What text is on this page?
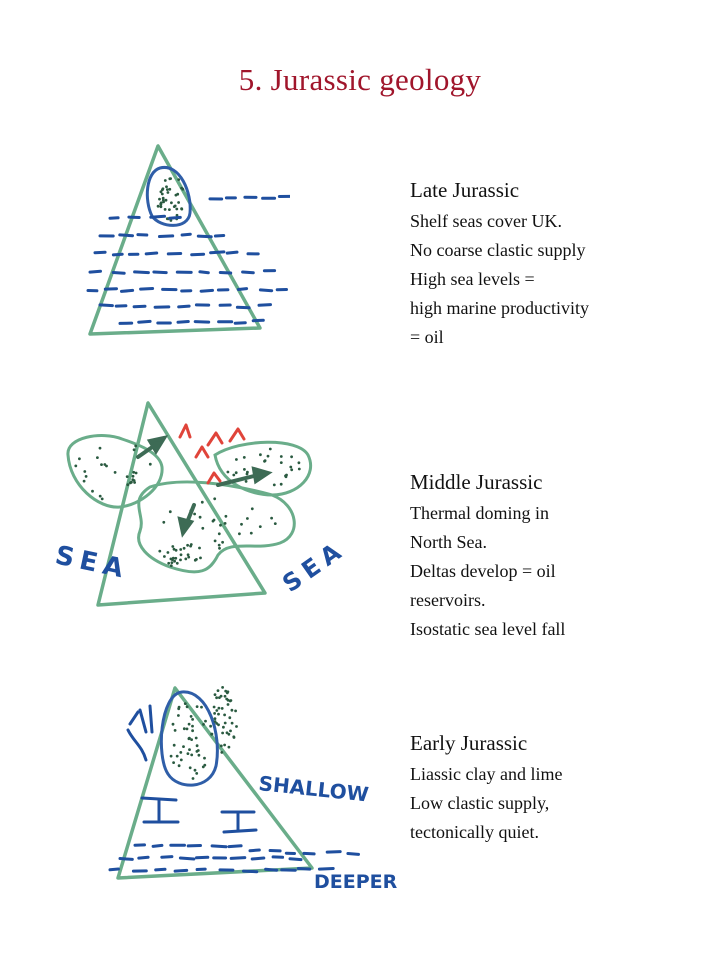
5. Jurassic geology
SEA	SEA
SHALLOW
DEEPER
Late Jurassic
Shelf seas cover UK.
No coarse clastic supply
High sea levels =
high marine productivity
= oil
Middle Jurassic
Thermal doming in
North Sea.
Deltas develop = oil
reservoirs.
Isostatic sea level fall
Early Jurassic
Liassic clay and lime
Low clastic supply,
tectonically quiet.
